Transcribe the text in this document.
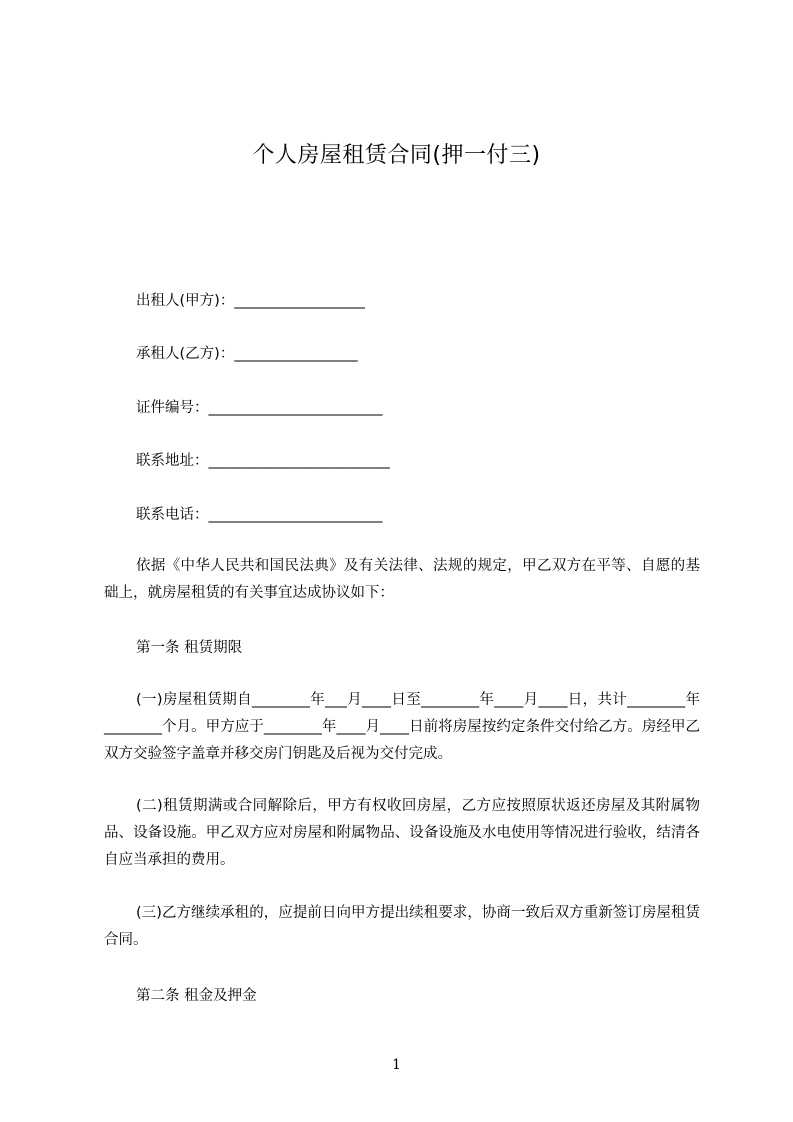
个人房屋租赁合同(押一付三)
出租人(甲方)：__________________
承租人(乙方)：_________________
证件编号：________________________
联系地址：_________________________
联系电话：________________________

依据《中华人民共和国民法典》及有关法律、法规的规定，甲乙双方在平等、自愿的基础上，就房屋租赁的有关事宜达成协议如下：

第一条 租赁期限

(一)房屋租赁期自________年___月____日至________年____月____日，共计________年________个月。甲方应于________年____月____日前将房屋按约定条件交付给乙方。房经甲乙双方交验签字盖章并移交房门钥匙及后视为交付完成。

(二)租赁期满或合同解除后，甲方有权收回房屋，乙方应按照原状返还房屋及其附属物品、设备设施。甲乙双方应对房屋和附属物品、设备设施及水电使用等情况进行验收，结清各自应当承担的费用。

(三)乙方继续承租的，应提前日向甲方提出续租要求，协商一致后双方重新签订房屋租赁合同。

第二条 租金及押金
1
